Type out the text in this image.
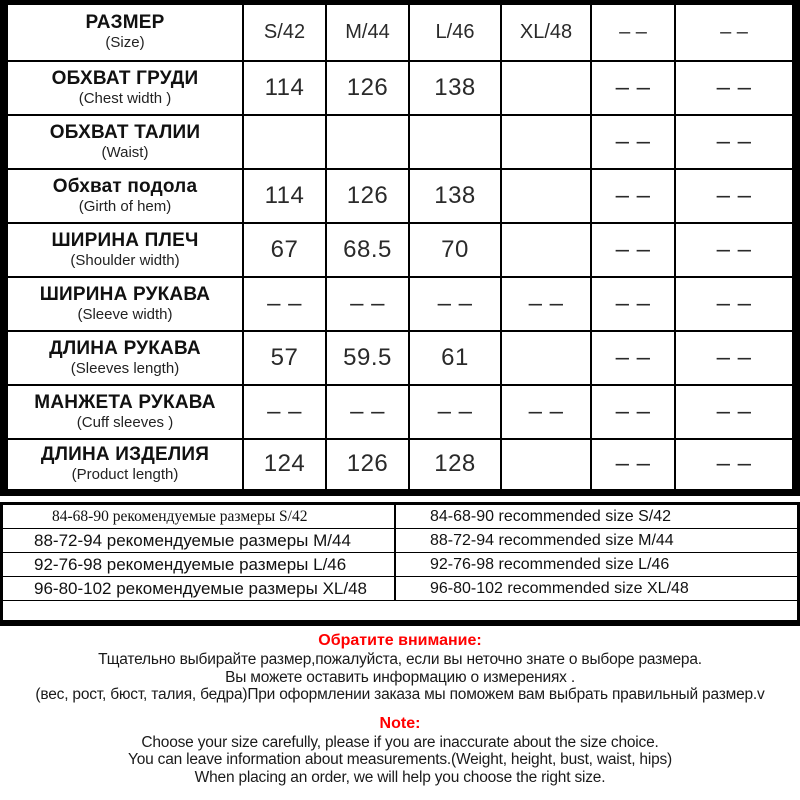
РАЗМЕР
(Size)	S/42	M/44	L/46	XL/48	– –	– –

ОБХВАТ ГРУДИ
(Chest width )	114	126	138		– –	– –

ОБХВАТ ТАЛИИ
(Waist)					– –	– –

Обхват подола
(Girth of hem)	114	126	138		– –	– –

ШИРИНА ПЛЕЧ
(Shoulder width)	67	68.5	70		– –	– –

ШИРИНА РУКАВА
(Sleeve width)	– –	– –	– –	– –	– –	– –

ДЛИНА РУКАВА
(Sleeves length)	57	59.5	61		– –	– –

МАНЖЕТА РУКАВА
(Cuff sleeves )	– –	– –	– –	– –	– –	– –

ДЛИНА ИЗДЕЛИЯ
(Product length)	124	126	128		– –	– –
84-68-90 рекомендуемые размеры S/42	84-68-90 recommended size S/42
88-72-94 рекомендуемые размеры M/44	88-72-94 recommended size M/44
92-76-98 рекомендуемые размеры L/46	92-76-98 recommended size L/46
96-80-102 рекомендуемые размеры XL/48	96-80-102 recommended size XL/48
Обратите внимание:
Тщательно выбирайте размер,пожалуйста, если вы неточно знате о выборе размера.
Вы можете оставить информацию о измерениях .
(вес, рост, бюст, талия, бедра)При оформлении заказа мы поможем вам выбрать правильный размер.v
Note:
Choose your size carefully, please if you are inaccurate about the size choice.
You can leave information about measurements.(Weight, height, bust, waist, hips)
When placing an order, we will help you choose the right size.
